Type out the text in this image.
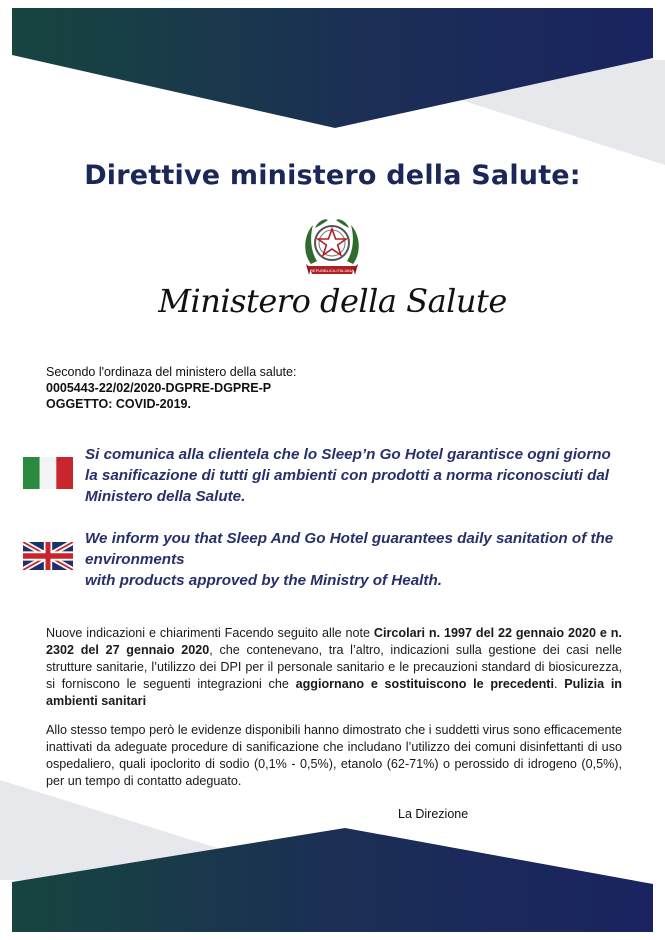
Direttive ministero della Salute:
REPUBBLICA ITALIANA
Ministero della Salute
Secondo l'ordinaza del ministero della salute:
0005443-22/02/2020-DGPRE-DGPRE-P
OGGETTO: COVID-2019.
Si comunica alla clientela che lo Sleep’n Go Hotel garantisce ogni giorno
la sanificazione di tutti gli ambienti con prodotti a norma riconosciuti dal
Ministero della Salute.
We inform you that Sleep And Go Hotel guarantees daily sanitation of the
environments
with products approved by the Ministry of Health.
Nuove indicazioni e chiarimenti Facendo seguito alle note Circolari n. 1997 del 22 gennaio 2020 e n. 2302 del 27 gennaio 2020, che contenevano, tra l’altro, indicazioni sulla gestione dei casi nelle strutture sanitarie, l’utilizzo dei DPI per il personale sanitario e le precauzioni standard di biosicurezza, si forniscono le seguenti integrazioni che aggiornano e sostituiscono le precedenti. Pulizia in ambienti sanitari
Allo stesso tempo però le evidenze disponibili hanno dimostrato che i suddetti virus sono efficacemente inattivati da adeguate procedure di sanificazione che includano l’utilizzo dei comuni disinfettanti di uso ospedaliero, quali ipoclorito di sodio (0,1% - 0,5%), etanolo (62-71%) o perossido di idrogeno (0,5%), per un tempo di contatto adeguato.
La Direzione
